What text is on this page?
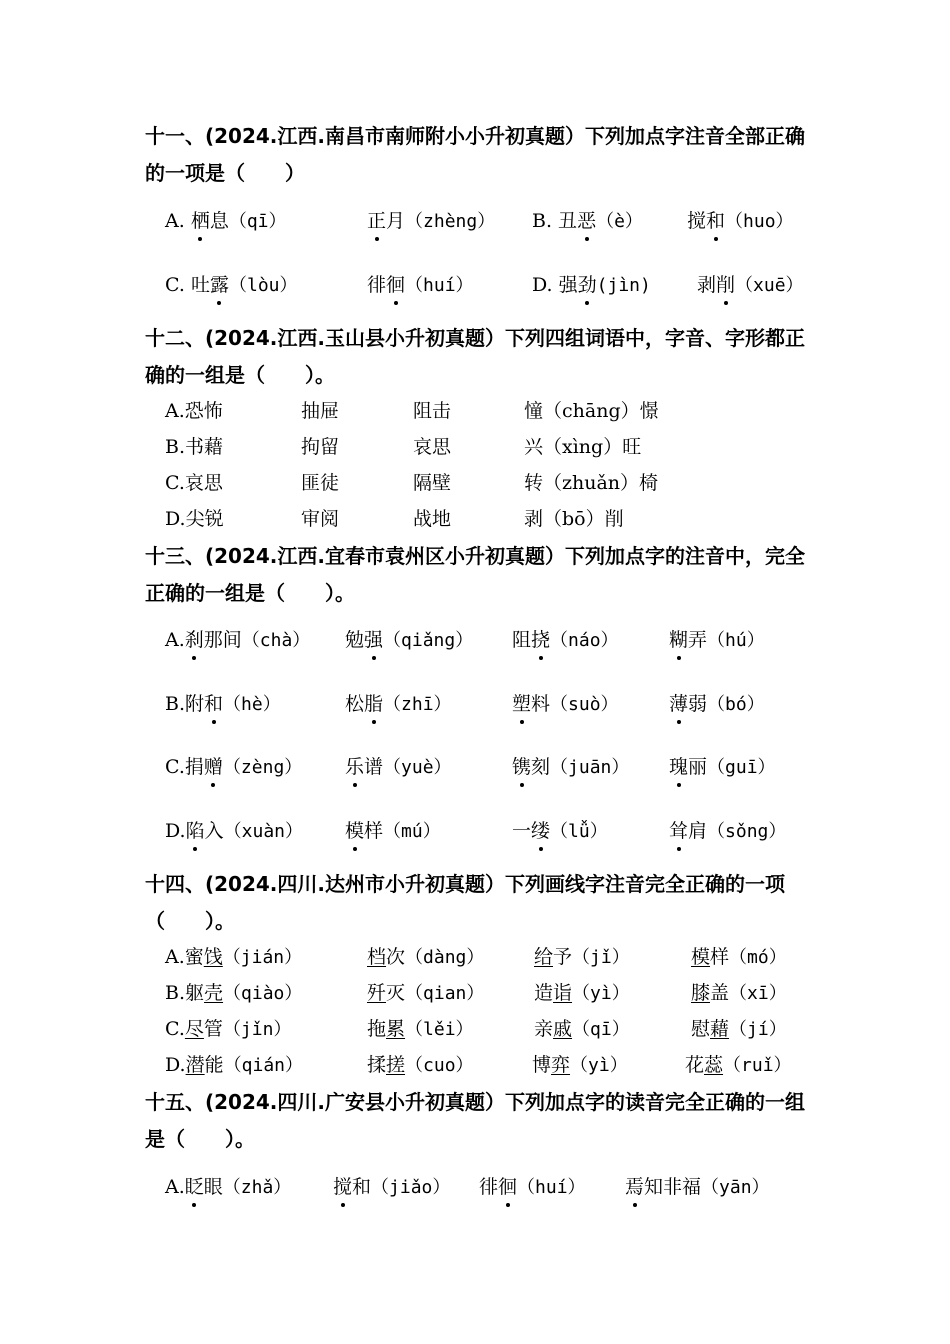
十一、(2024.江西.南昌市南师附小小升初真题）下列加点字注音全部正确的一项是（　　）
A. 栖息（qī）	正月（zhèng） B. 丑恶（è） 搅和（huo）
C. 吐露（lòu）	徘徊（huí）	D. 强劲(jìn) 剥削（xuē）
十二、(2024.江西.玉山县小升初真题）下列四组词语中，字音、字形都正确的一组是（　　）。
A.恐怖	抽屉	阻击	憧（chāng）憬
B.书藉	拘留	哀思	兴（xìng）旺
C.哀思	匪徒	隔壁	转（zhuǎn）椅
D.尖锐	审阅	战地	剥（bō）削
十三、(2024.江西.宜春市袁州区小升初真题）下列加点字的注音中，完全正确的一组是（　　）。
A.刹那间（chà） 勉强（qiǎng） 阻挠（náo）	糊弄（hú）
B.附和（hè）	松脂（zhī）	塑料（suò）	薄弱（bó）
C.捐赠（zèng） 乐谱（yuè）	镌刻（juān） 瑰丽（guī）
D.陷入（xuàn） 模样（mú）	一缕（lǚ）	耸肩（sǒng）
十四、(2024.四川.达州市小升初真题）下列画线字注音完全正确的一项（　　）。
A.蜜饯（jián）	档次（dàng）	给予（jǐ）	模样（mó）
B.躯壳（qiào）	歼灭（qian）	造诣（yì）	膝盖（xī）
C.尽管（jǐn）	拖累（lěi）	亲戚（qī）	慰藉（jí）
D.潜能（qián）	揉搓（cuo）	博弈（yì）	花蕊（ruǐ）
十五、(2024.四川.广安县小升初真题）下列加点字的读音完全正确的一组是（　　）。
A.眨眼（zhǎ） 搅和（jiǎo） 徘徊（huí） 焉知非福（yān）
